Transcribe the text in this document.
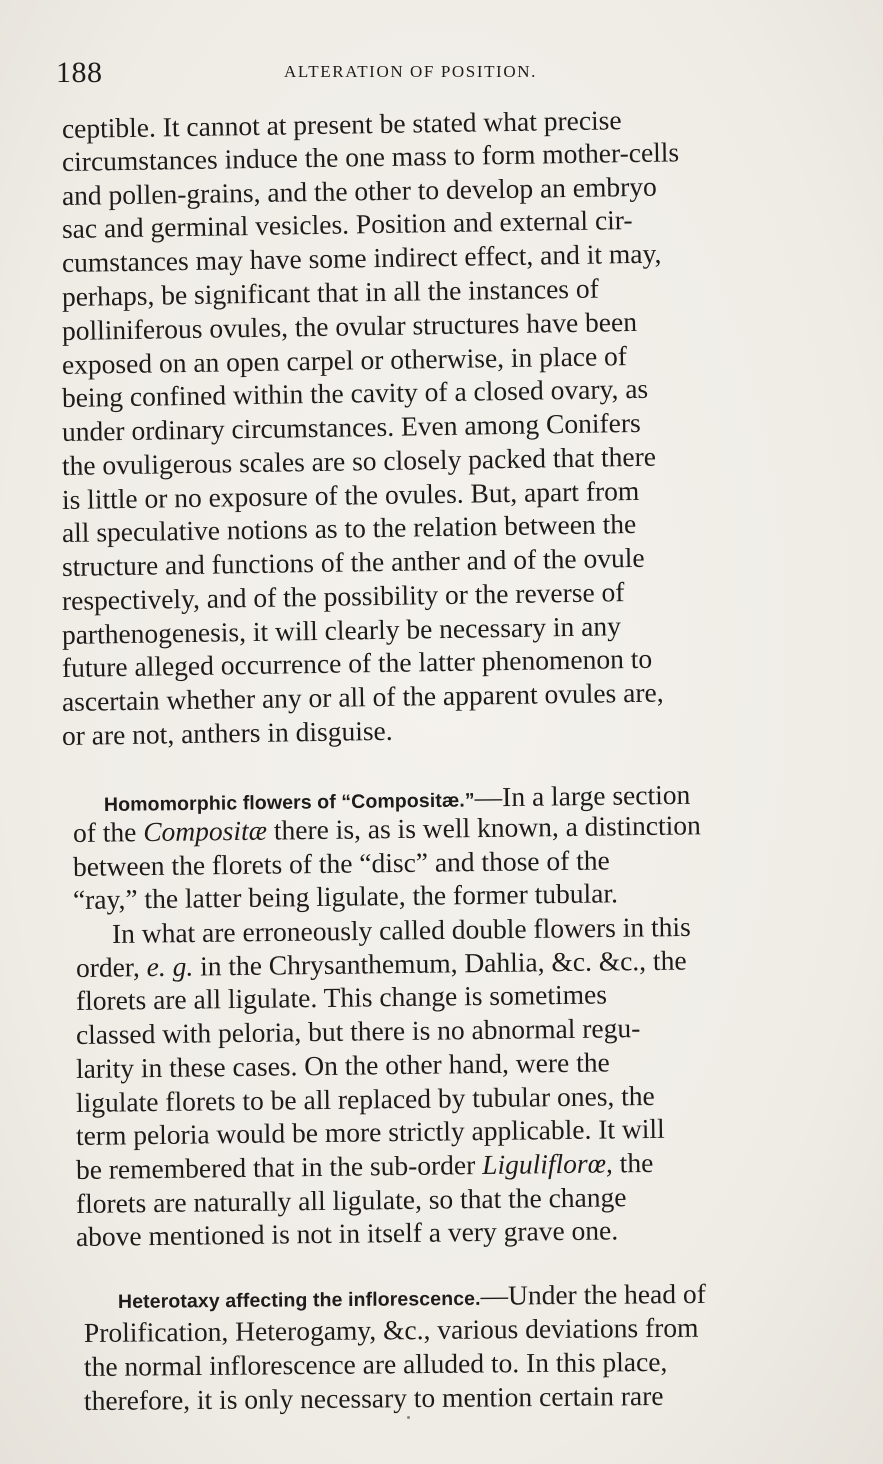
188	ALTERATION OF POSITION.
ceptible. It cannot at present be stated what precise
circumstances induce the one mass to form mother-cells
and pollen-grains, and the other to develop an embryo
sac and germinal vesicles. Position and external cir-
cumstances may have some indirect effect, and it may,
perhaps, be significant that in all the instances of
polliniferous ovules, the ovular structures have been
exposed on an open carpel or otherwise, in place of
being confined within the cavity of a closed ovary, as
under ordinary circumstances. Even among Conifers
the ovuligerous scales are so closely packed that there
is little or no exposure of the ovules. But, apart from
all speculative notions as to the relation between the
structure and functions of the anther and of the ovule
respectively, and of the possibility or the reverse of
parthenogenesis, it will clearly be necessary in any
future alleged occurrence of the latter phenomenon to
ascertain whether any or all of the apparent ovules are,
or are not, anthers in disguise.
Homomorphic flowers of “Compositæ.”—In a large section
of the Compositæ there is, as is well known, a distinction
between the florets of the “disc” and those of the
“ray,” the latter being ligulate, the former tubular.
In what are erroneously called double flowers in this
order, e. g. in the Chrysanthemum, Dahlia, &c. &c., the
florets are all ligulate. This change is sometimes
classed with peloria, but there is no abnormal regu-
larity in these cases. On the other hand, were the
ligulate florets to be all replaced by tubular ones, the
term peloria would be more strictly applicable. It will
be remembered that in the sub-order Liguliflorœ, the
florets are naturally all ligulate, so that the change
above mentioned is not in itself a very grave one.
Heterotaxy affecting the inflorescence.—Under the head of
Prolification, Heterogamy, &c., various deviations from
the normal inflorescence are alluded to. In this place,
therefore, it is only necessary to mention certain rare
